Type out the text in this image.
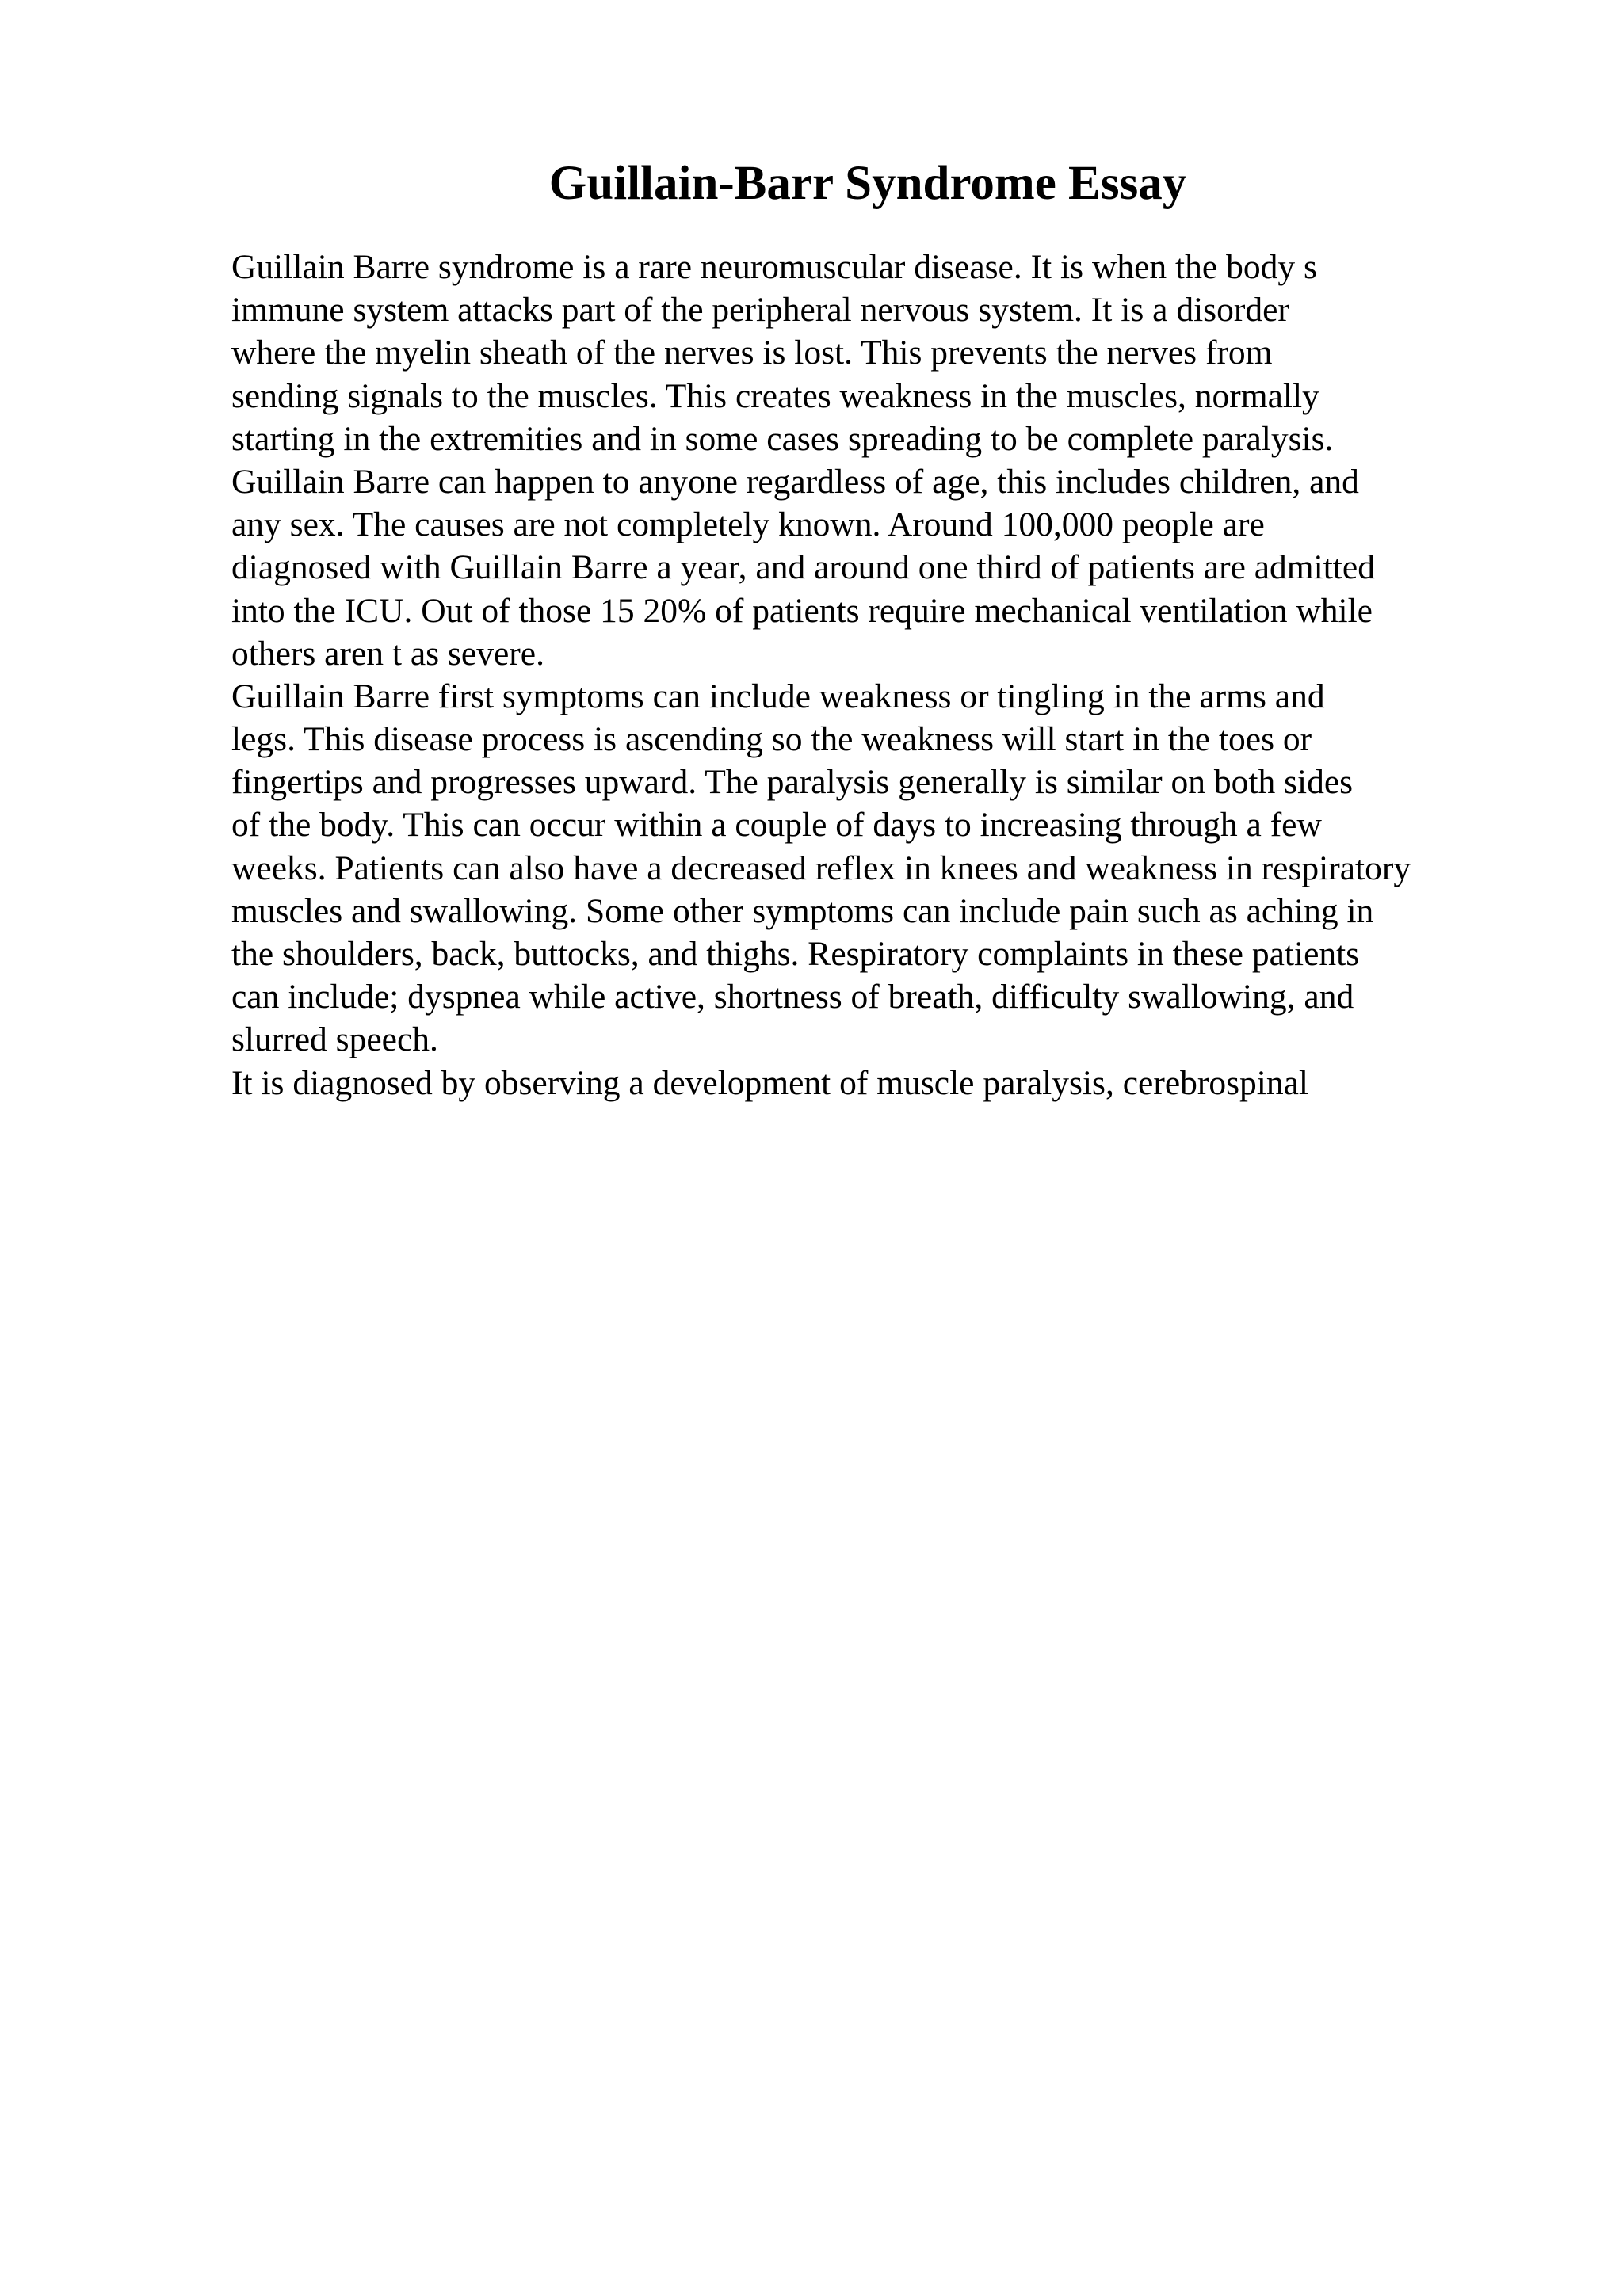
Guillain-Barr Syndrome Essay
Guillain Barre syndrome is a rare neuromuscular disease. It is when the body s
immune system attacks part of the peripheral nervous system. It is a disorder
where the myelin sheath of the nerves is lost. This prevents the nerves from
sending signals to the muscles. This creates weakness in the muscles, normally
starting in the extremities and in some cases spreading to be complete paralysis.
Guillain Barre can happen to anyone regardless of age, this includes children, and
any sex. The causes are not completely known. Around 100,000 people are
diagnosed with Guillain Barre a year, and around one third of patients are admitted
into the ICU. Out of those 15 20% of patients require mechanical ventilation while
others aren t as severe.
Guillain Barre first symptoms can include weakness or tingling in the arms and
legs. This disease process is ascending so the weakness will start in the toes or
fingertips and progresses upward. The paralysis generally is similar on both sides
of the body. This can occur within a couple of days to increasing through a few
weeks. Patients can also have a decreased reflex in knees and weakness in respiratory
muscles and swallowing. Some other symptoms can include pain such as aching in
the shoulders, back, buttocks, and thighs. Respiratory complaints in these patients
can include; dyspnea while active, shortness of breath, difficulty swallowing, and
slurred speech.
It is diagnosed by observing a development of muscle paralysis, cerebrospinal
